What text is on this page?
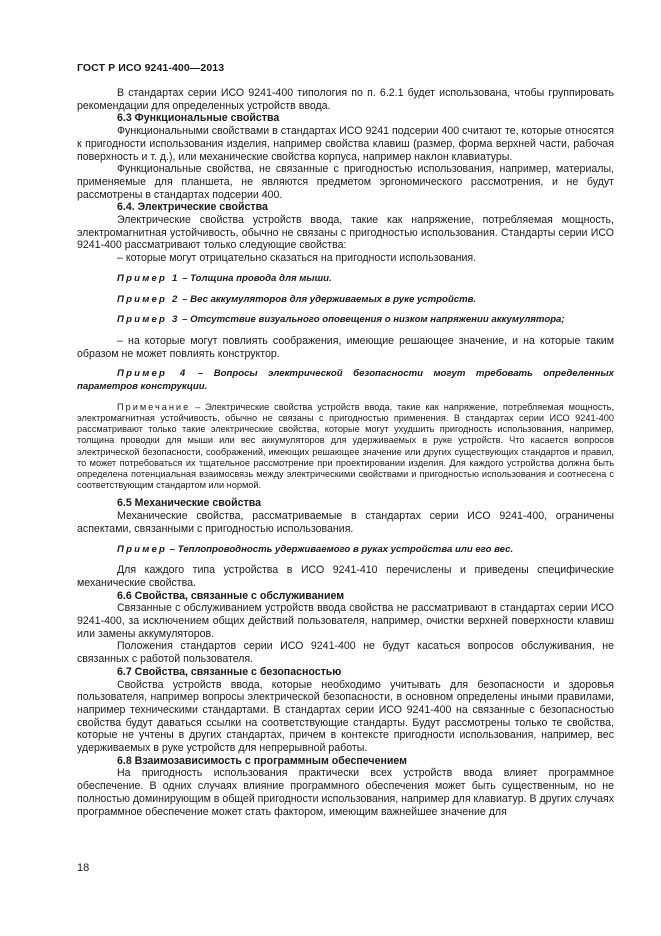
ГОСТ Р ИСО 9241-400—2013

В стандартах серии ИСО 9241-400 типология по п. 6.2.1 будет использована, чтобы группировать рекомендации для определенных устройств ввода.

6.3 Функциональные свойства

Функциональными свойствами в стандартах ИСО 9241 подсерии 400 считают те, которые относятся к пригодности использования изделия, например свойства клавиш (размер, форма верхней части, рабочая поверхность и т. д.), или механические свойства корпуса, например наклон клавиатуры.

Функциональные свойства, не связанные с пригодностью использования, например, материалы, применяемые для планшета, не являются предметом эргономического рассмотрения, и не будут рассмотрены в стандартах подсерии 400.

6.4. Электрические свойства

Электрические свойства устройств ввода, такие как напряжение, потребляемая мощность, электромагнитная устойчивость, обычно не связаны с пригодностью использования. Стандарты серии ИСО 9241-400 рассматривают только следующие свойства:

– которые могут отрицательно сказаться на пригодности использования.

Пример 1 – Толщина провода для мыши.

Пример 2 – Вес аккумуляторов для удерживаемых в руке устройств.

Пример 3 – Отсутствие визуального оповещения о низком напряжении аккумулятора;

– на которые могут повлиять соображения, имеющие решающее значение, и на которые таким образом не может повлиять конструктор.

Пример 4 – Вопросы электрической безопасности могут требовать определенных параметров конструкции.

Примечание – Электрические свойства устройств ввода, такие как напряжение, потребляемая мощность, электромагнитная устойчивость, обычно не связаны с пригодностью применения. В стандартах серии ИСО 9241-400 рассматривают только такие электрические свойства, которые могут ухудшить пригодность использования, например, толщина проводки для мыши или вес аккумуляторов для удерживаемых в руке устройств. Что касается вопросов электрической безопасности, соображений, имеющих решающее значение или других существующих стандартов и правил, то может потребоваться их тщательное рассмотрение при проектировании изделия. Для каждого устройства должна быть определена потенциальная взаимосвязь между электрическими свойствами и пригодностью использования и соотнесена с соответствующим стандартом или нормой.

6.5 Механические свойства

Механические свойства, рассматриваемые в стандартах серии ИСО 9241-400, ограничены аспектами, связанными с пригодностью использования.

Пример – Теплопроводность удерживаемого в руках устройства или его вес.

Для каждого типа устройства в ИСО 9241-410 перечислены и приведены специфические механические свойства.

6.6 Свойства, связанные с обслуживанием

Связанные с обслуживанием устройств ввода свойства не рассматривают в стандартах серии ИСО 9241-400, за исключением общих действий пользователя, например, очистки верхней поверхности клавиш или замены аккумуляторов.

Положения стандартов серии ИСО 9241-400 не будут касаться вопросов обслуживания, не связанных с работой пользователя.

6.7 Свойства, связанные с безопасностью

Свойства устройств ввода, которые необходимо учитывать для безопасности и здоровья пользователя, например вопросы электрической безопасности, в основном определены иными правилами, например техническими стандартами. В стандартах серии ИСО 9241-400 на связанные с безопасностью свойства будут даваться ссылки на соответствующие стандарты. Будут рассмотрены только те свойства, которые не учтены в других стандартах, причем в контексте пригодности использования, например, вес удерживаемых в руке устройств для непрерывной работы.

6.8 Взаимозависимость с программным обеспечением

На пригодность использования практически всех устройств ввода влияет программное обеспечение. В одних случаях влияние программного обеспечения может быть существенным, но не полностью доминирующим в общей пригодности использования, например для клавиатур. В других случаях программное обеспечение может стать фактором, имеющим важнейшее значение для

18
